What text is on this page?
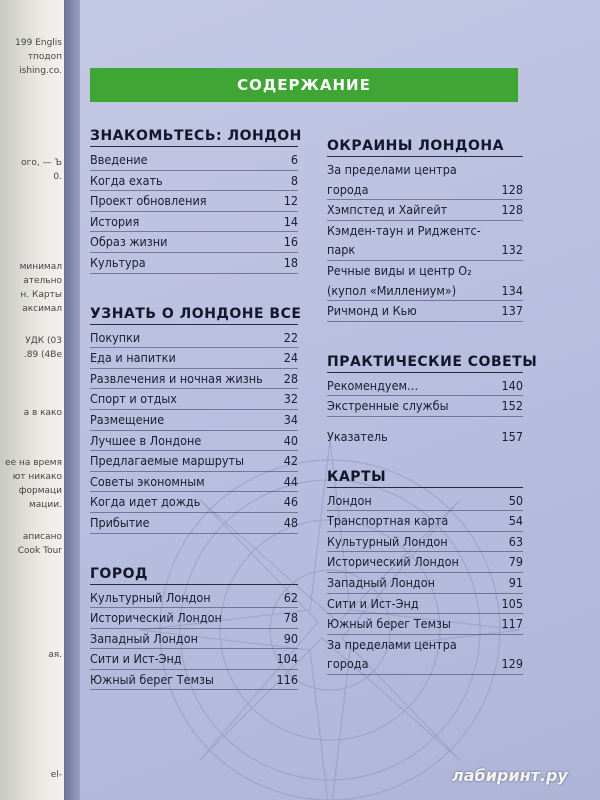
199 Englis
тподоп
ishing.co.
ого, — Ъ
0.
минимал
ательно
н. Карты
аксимал
УДК (03
.89 (4Ве
а в како
ее на время
ют никако
формаци
мации.
аписано
Cook Tour
ая.
el-
СОДЕРЖАНИЕ
ЗНАКОМЬТЕСЬ: ЛОНДОН
Введение	6
Когда ехать	8
Проект обновления	12
История	14
Образ жизни	16
Культура	18
УЗНАТЬ О ЛОНДОНЕ ВСЕ
Покупки	22
Еда и напитки	24
Развлечения и ночная жизнь	28
Спорт и отдых	32
Размещение	34
Лучшее в Лондоне	40
Предлагаемые маршруты	42
Советы экономным	44
Когда идет дождь	46
Прибытие	48
ГОРОД
Культурный Лондон	62
Исторический Лондон	78
Западный Лондон	90
Сити и Ист-Энд	104
Южный берег Темзы	116
ОКРАИНЫ ЛОНДОНА
За пределами центра города	128
Хэмпстед и Хайгейт	128
Кэмден-таун и Риджентс-парк	132
Речные виды и центр O₂ (купол «Миллениум»)	134
Ричмонд и Кью	137
ПРАКТИЧЕСКИЕ СОВЕТЫ
Рекомендуем…	140
Экстренные службы	152
Указатель	157
КАРТЫ
Лондон	50
Транспортная карта	54
Культурный Лондон	63
Исторический Лондон	79
Западный Лондон	91
Сити и Ист-Энд	105
Южный берег Темзы	117
За пределами центра города	129
лабиринт.ру
